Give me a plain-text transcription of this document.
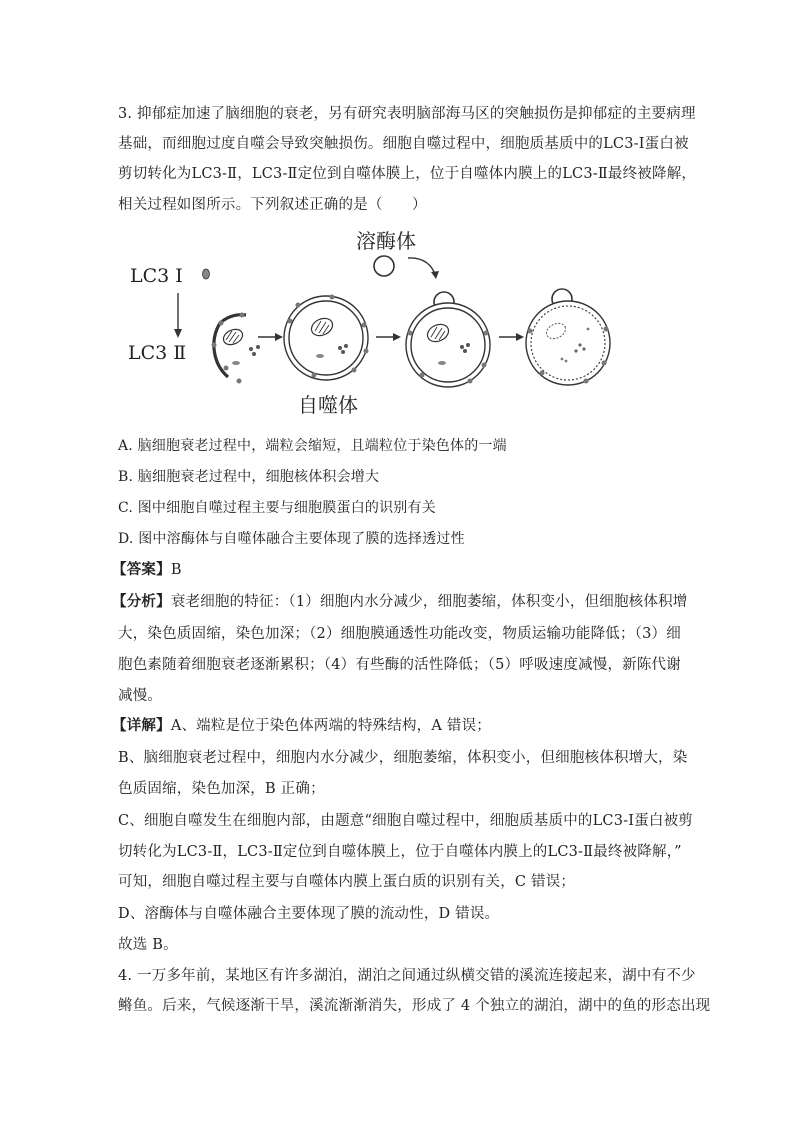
3. 抑郁症加速了脑细胞的衰老，另有研究表明脑部海马区的突触损伤是抑郁症的主要病理
基础，而细胞过度自噬会导致突触损伤。细胞自噬过程中，细胞质基质中的LC3-Ⅰ蛋白被
剪切转化为LC3-Ⅱ，LC3-Ⅱ定位到自噬体膜上，位于自噬体内膜上的LC3-Ⅱ最终被降解，
相关过程如图所示。下列叙述正确的是（　　）
溶酶体
LC3 Ⅰ
LC3 Ⅱ
自噬体
A. 脑细胞衰老过程中，端粒会缩短，且端粒位于染色体的一端
B. 脑细胞衰老过程中，细胞核体积会增大
C. 图中细胞自噬过程主要与细胞膜蛋白的识别有关
D. 图中溶酶体与自噬体融合主要体现了膜的选择透过性
【答案】B
【分析】衰老细胞的特征：（1）细胞内水分减少，细胞萎缩，体积变小，但细胞核体积增
大，染色质固缩，染色加深；（2）细胞膜通透性功能改变，物质运输功能降低；（3）细
胞色素随着细胞衰老逐渐累积；（4）有些酶的活性降低；（5）呼吸速度减慢，新陈代谢
减慢。
【详解】A、端粒是位于染色体两端的特殊结构，A 错误；
B、脑细胞衰老过程中，细胞内水分减少，细胞萎缩，体积变小，但细胞核体积增大，染
色质固缩，染色加深，B 正确；
C、细胞自噬发生在细胞内部，由题意“细胞自噬过程中，细胞质基质中的LC3-Ⅰ蛋白被剪
切转化为LC3-Ⅱ，LC3-Ⅱ定位到自噬体膜上，位于自噬体内膜上的LC3-Ⅱ最终被降解，”
可知，细胞自噬过程主要与自噬体内膜上蛋白质的识别有关，C 错误；
D、溶酶体与自噬体融合主要体现了膜的流动性，D 错误。
故选 B。
4. 一万多年前，某地区有许多湖泊，湖泊之间通过纵横交错的溪流连接起来，湖中有不少
鳉鱼。后来，气候逐渐干旱，溪流渐渐消失，形成了 4 个独立的湖泊，湖中的鱼的形态出现
